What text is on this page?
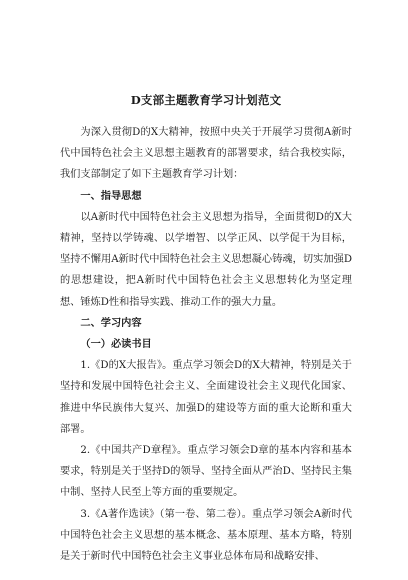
D支部主题教育学习计划范文

为深入贯彻D的X大精神，按照中央关于开展学习贯彻A新时代中国特色社会主义思想主题教育的部署要求，结合我校实际，我们支部制定了如下主题教育学习计划：

一、指导思想

以A新时代中国特色社会主义思想为指导，全面贯彻D的X大精神，坚持以学铸魂、以学增智、以学正风、以学促干为目标，坚持不懈用A新时代中国特色社会主义思想凝心铸魂，切实加强D的思想建设，把A新时代中国特色社会主义思想转化为坚定理想、锤炼D性和指导实践、推动工作的强大力量。

二、学习内容

（一）必读书目

1.《D的X大报告》。重点学习领会D的X大精神，特别是关于坚持和发展中国特色社会主义、全面建设社会主义现代化国家、推进中华民族伟大复兴、加强D的建设等方面的重大论断和重大部署。

2.《中国共产D章程》。重点学习领会D章的基本内容和基本要求，特别是关于坚持D的领导、坚持全面从严治D、坚持民主集中制、坚持人民至上等方面的重要规定。

3.《A著作选读》（第一卷、第二卷）。重点学习领会A新时代中国特色社会主义思想的基本概念、基本原理、基本方略，特别是关于新时代中国特色社会主义事业总体布局和战略安排、
